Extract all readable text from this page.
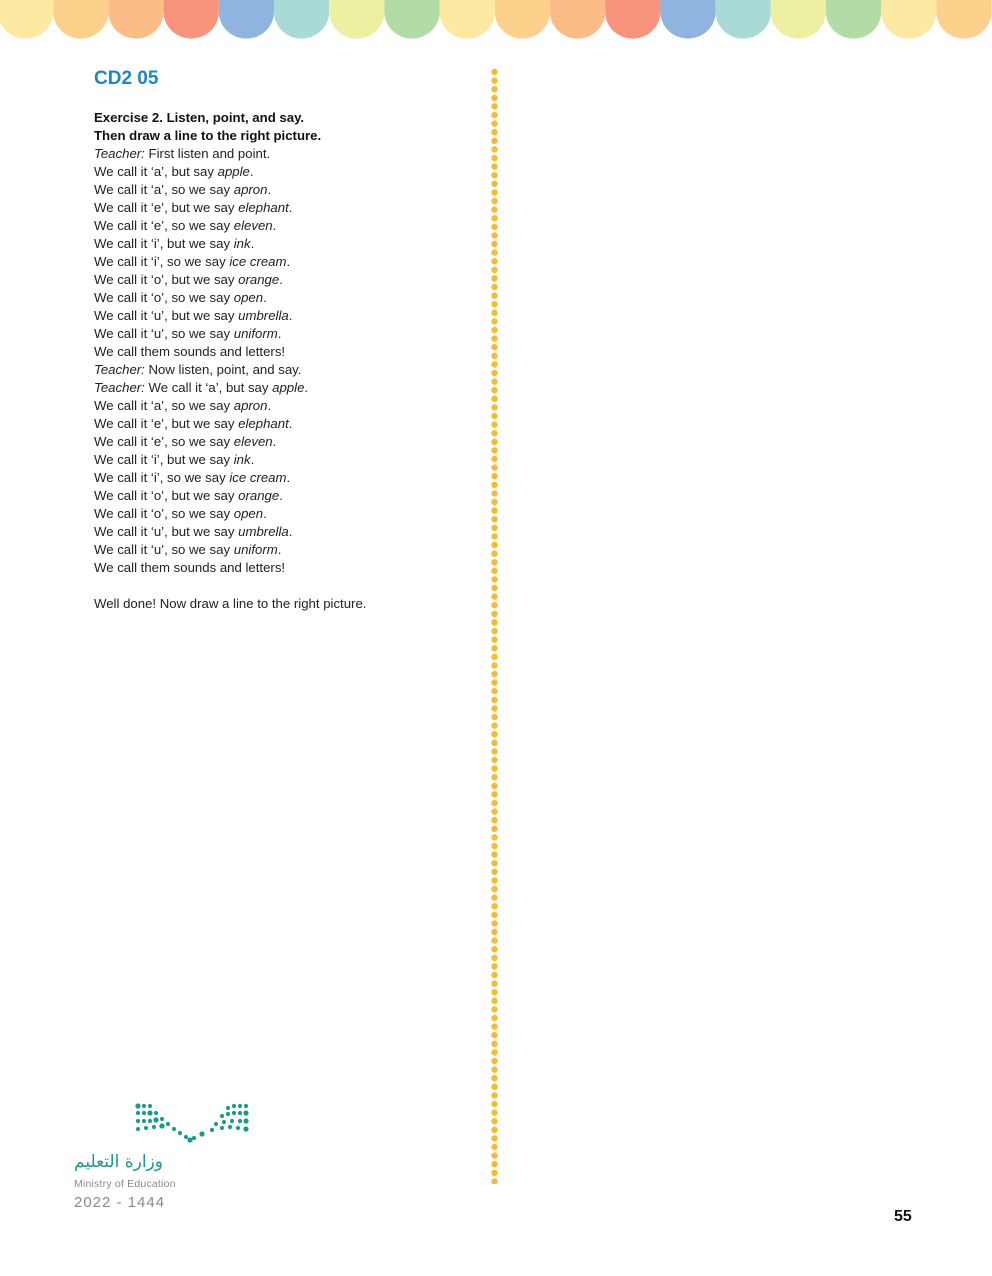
CD2 05
Exercise 2. Listen, point, and say.
Then draw a line to the right picture.
Teacher: First listen and point.
We call it ‘a’, but say apple.
We call it ‘a’, so we say apron.
We call it ‘e’, but we say elephant.
We call it ‘e’, so we say eleven.
We call it ‘i’, but we say ink.
We call it ‘i’, so we say ice cream.
We call it ‘o’, but we say orange.
We call it ‘o’, so we say open.
We call it ‘u’, but we say umbrella.
We call it ‘u’, so we say uniform.
We call them sounds and letters!
Teacher: Now listen, point, and say.
Teacher: We call it ‘a’, but say apple.
We call it ‘a’, so we say apron.
We call it ‘e’, but we say elephant.
We call it ‘e’, so we say eleven.
We call it ‘i’, but we say ink.
We call it ‘i’, so we say ice cream.
We call it ‘o’, but we say orange.
We call it ‘o’, so we say open.
We call it ‘u’, but we say umbrella.
We call it ‘u’, so we say uniform.
We call them sounds and letters!
Well done! Now draw a line to the right picture.
وزارة التعليم
Ministry of Education
2022 - 1444
55
